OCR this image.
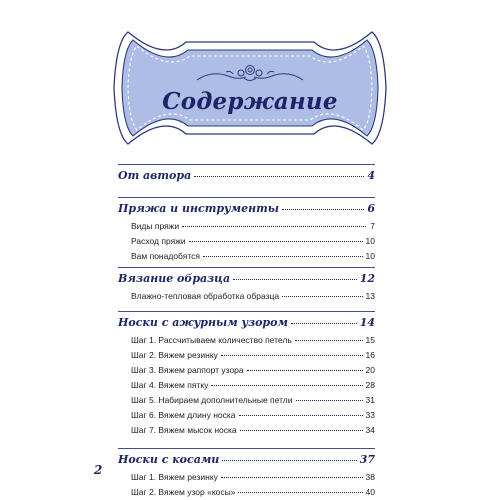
Содержание
От автора	4
Пряжа и инструменты	6
Виды пряжи	7
Расход пряжи	10
Вам понадобятся	10
Вязание образца	12
Влажно-тепловая обработка образца	13
Носки с ажурным узором	14
Шаг 1. Рассчитываем количество петель	15
Шаг 2. Вяжем резинку	16
Шаг 3. Вяжем раппорт узора	20
Шаг 4. Вяжем пятку	28
Шаг 5. Набираем дополнительные петли	31
Шаг 6. Вяжем длину носка	33
Шаг 7. Вяжем мысок носка	34
Носки с косами	37
Шаг 1. Вяжем резинку	38
Шаг 2. Вяжем узор «косы»	40
2
